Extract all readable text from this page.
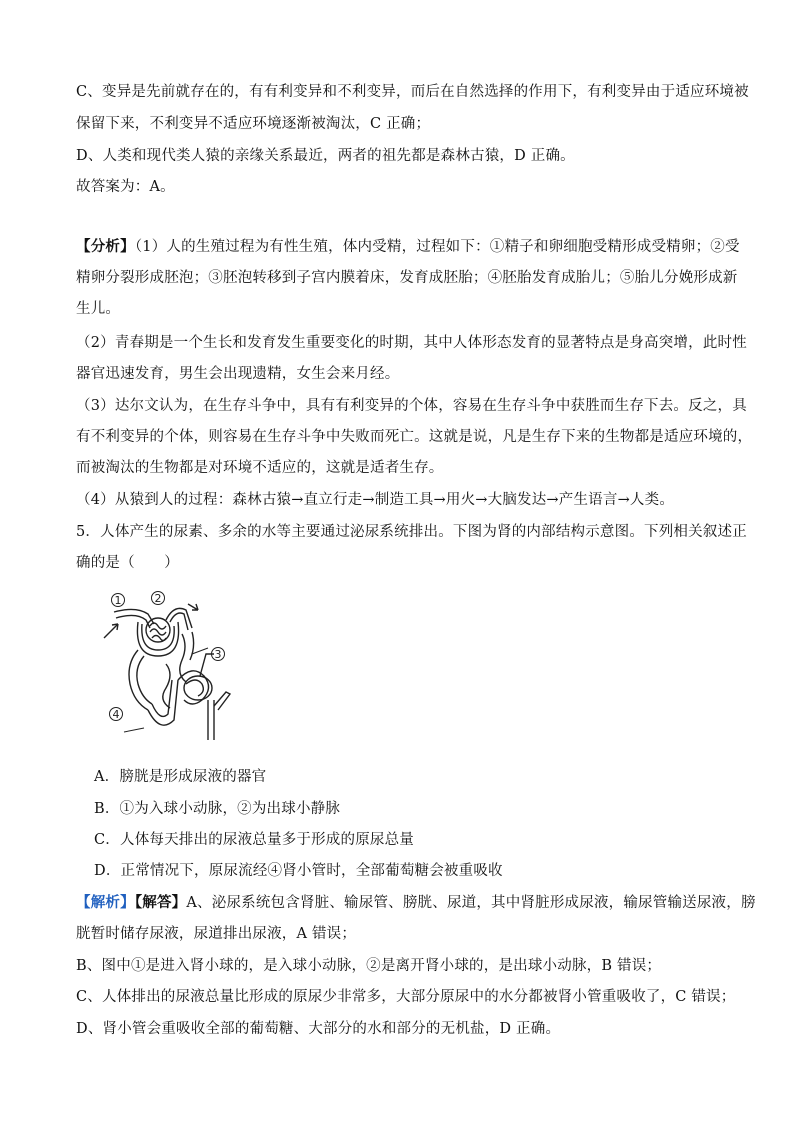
C、变异是先前就存在的，有有利变异和不利变异，而后在自然选择的作用下，有利变异由于适应环境被
保留下来，不利变异不适应环境逐渐被淘汰，C 正确；
D、人类和现代类人猿的亲缘关系最近，两者的祖先都是森林古猿，D 正确。
故答案为：A。
【分析】（1）人的生殖过程为有性生殖，体内受精，过程如下：①精子和卵细胞受精形成受精卵；②受
精卵分裂形成胚泡；③胚泡转移到子宫内膜着床，发育成胚胎；④胚胎发育成胎儿；⑤胎儿分娩形成新
生儿。
（2）青春期是一个生长和发育发生重要变化的时期，其中人体形态发育的显著特点是身高突增，此时性
器官迅速发育，男生会出现遗精，女生会来月经。
（3）达尔文认为，在生存斗争中，具有有利变异的个体，容易在生存斗争中获胜而生存下去。反之，具
有不利变异的个体，则容易在生存斗争中失败而死亡。这就是说，凡是生存下来的生物都是适应环境的，
而被淘汰的生物都是对环境不适应的，这就是适者生存。
（4）从猿到人的过程：森林古猿→直立行走→制造工具→用火→大脑发达→产生语言→人类。
5．人体产生的尿素、多余的水等主要通过泌尿系统排出。下图为肾的内部结构示意图。下列相关叙述正
确的是（　　）
1	2
3
4
A．膀胱是形成尿液的器官
B．①为入球小动脉，②为出球小静脉
C．人体每天排出的尿液总量多于形成的原尿总量
D．正常情况下，原尿流经④肾小管时，全部葡萄糖会被重吸收
【解析】【解答】A、泌尿系统包含肾脏、输尿管、膀胱、尿道，其中肾脏形成尿液，输尿管输送尿液，膀
胱暂时储存尿液，尿道排出尿液，A 错误；
B、图中①是进入肾小球的，是入球小动脉，②是离开肾小球的，是出球小动脉，B 错误；
C、人体排出的尿液总量比形成的原尿少非常多，大部分原尿中的水分都被肾小管重吸收了，C 错误；
D、肾小管会重吸收全部的葡萄糖、大部分的水和部分的无机盐，D 正确。
